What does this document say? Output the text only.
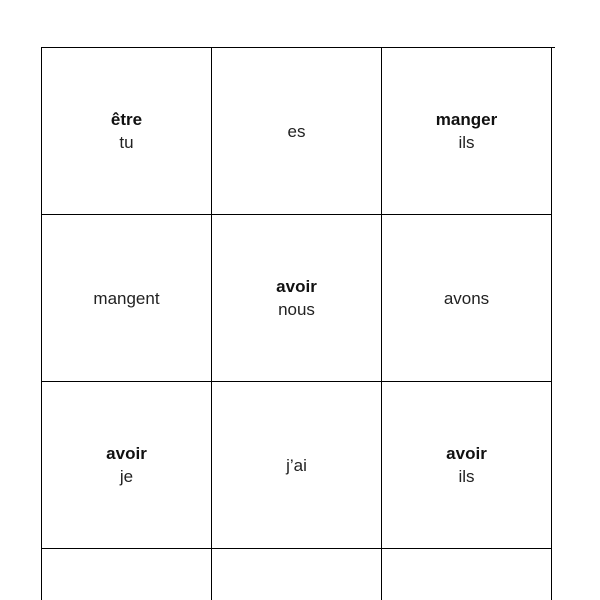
être
tu
es
manger
ils
mangent
avoir
nous
avons
avoir
je
j’ai
avoir
ils
